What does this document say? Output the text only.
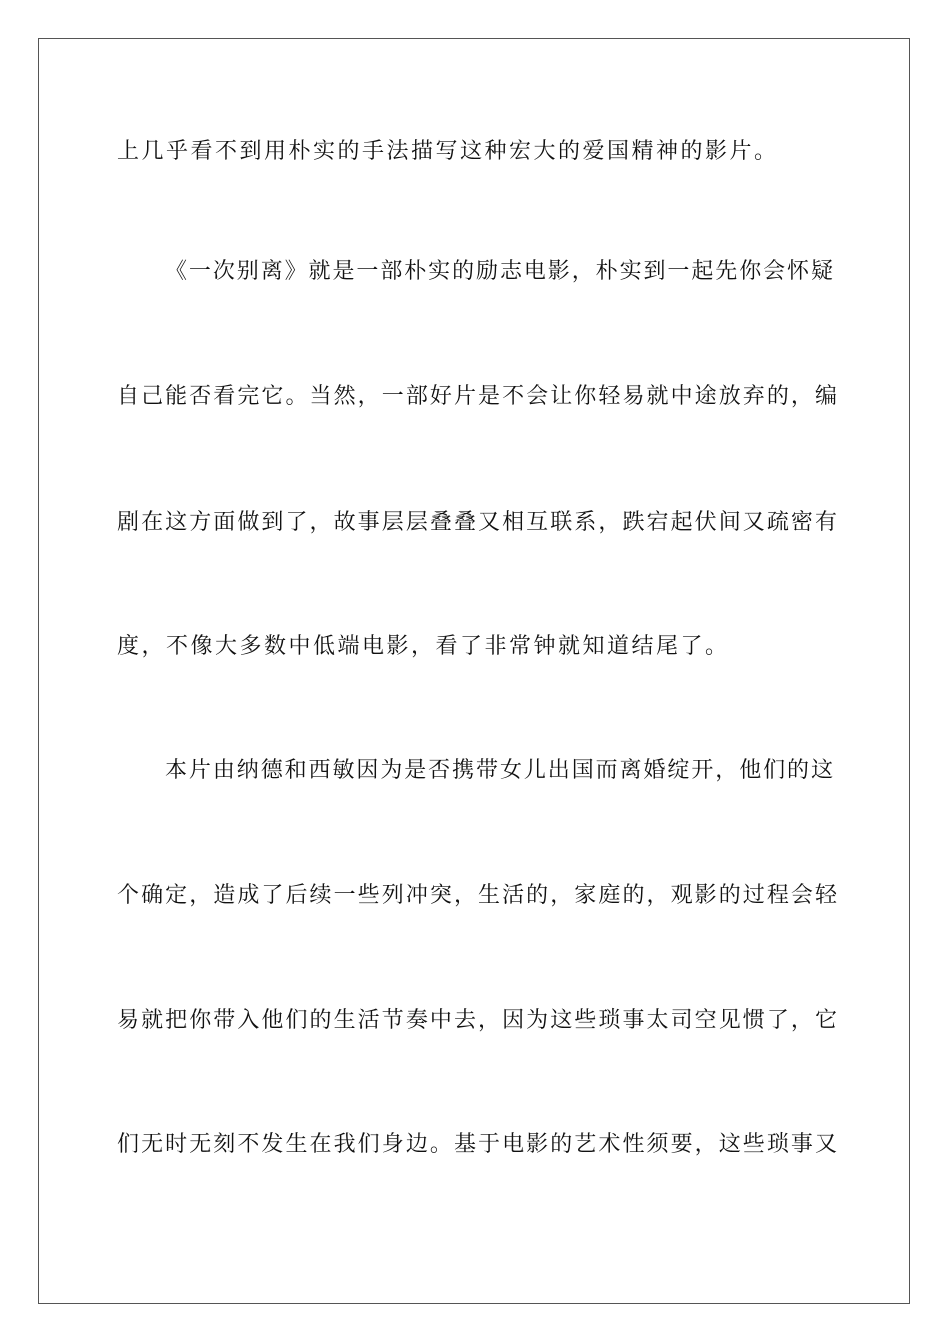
上几乎看不到用朴实的手法描写这种宏大的爱国精神的影片。
《一次别离》就是一部朴实的励志电影，朴实到一起先你会怀疑
自己能否看完它。当然，一部好片是不会让你轻易就中途放弃的，编
剧在这方面做到了，故事层层叠叠又相互联系，跌宕起伏间又疏密有
度，不像大多数中低端电影，看了非常钟就知道结尾了。
本片由纳德和西敏因为是否携带女儿出国而离婚绽开，他们的这
个确定，造成了后续一些列冲突，生活的，家庭的，观影的过程会轻
易就把你带入他们的生活节奏中去，因为这些琐事太司空见惯了，它
们无时无刻不发生在我们身边。基于电影的艺术性须要，这些琐事又
